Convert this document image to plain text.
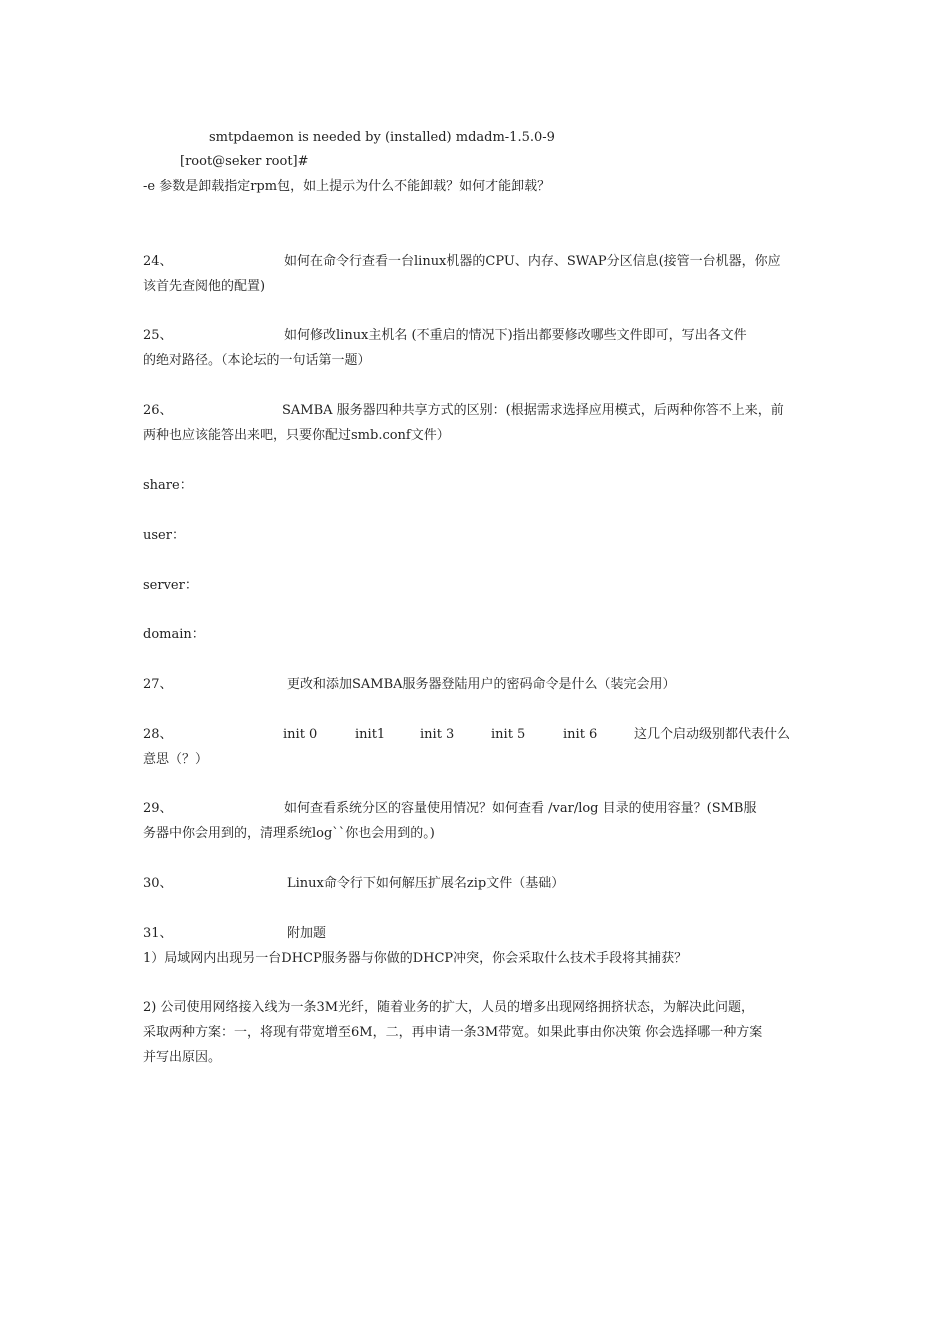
smtpdaemon is needed by (installed) mdadm-1.5.0-9
[root@seker root]#
-e 参数是卸载指定rpm包，如上提示为什么不能卸载？如何才能卸载？
24、	如何在命令行查看一台linux机器的CPU、内存、SWAP分区信息(接管一台机器，你应
该首先查阅他的配置)
25、	如何修改linux主机名 (不重启的情况下)指出都要修改哪些文件即可，写出各文件
的绝对路径。（本论坛的一句话第一题）
26、	SAMBA 服务器四种共享方式的区别：(根据需求选择应用模式，后两种你答不上来，前
两种也应该能答出来吧，只要你配过smb.conf文件）
share：
user：
server：
domain：
27、	更改和添加SAMBA服务器登陆用户的密码命令是什么（装完会用）
28、	init 0	init1	init 3	init 5	init 6	这几个启动级别都代表什么
意思（？）
29、	如何查看系统分区的容量使用情况？如何查看 /var/log 目录的使用容量？(SMB服
务器中你会用到的，清理系统log``你也会用到的。)
30、	Linux命令行下如何解压扩展名zip文件（基础）
31、	附加题
1）局域网内出现另一台DHCP服务器与你做的DHCP冲突，你会采取什么技术手段将其捕获？
2) 公司使用网络接入线为一条3M光纤，随着业务的扩大，人员的增多出现网络拥挤状态，为解决此问题，
采取两种方案：一，将现有带宽增至6M，二，再申请一条3M带宽。如果此事由你决策 你会选择哪一种方案
并写出原因。
